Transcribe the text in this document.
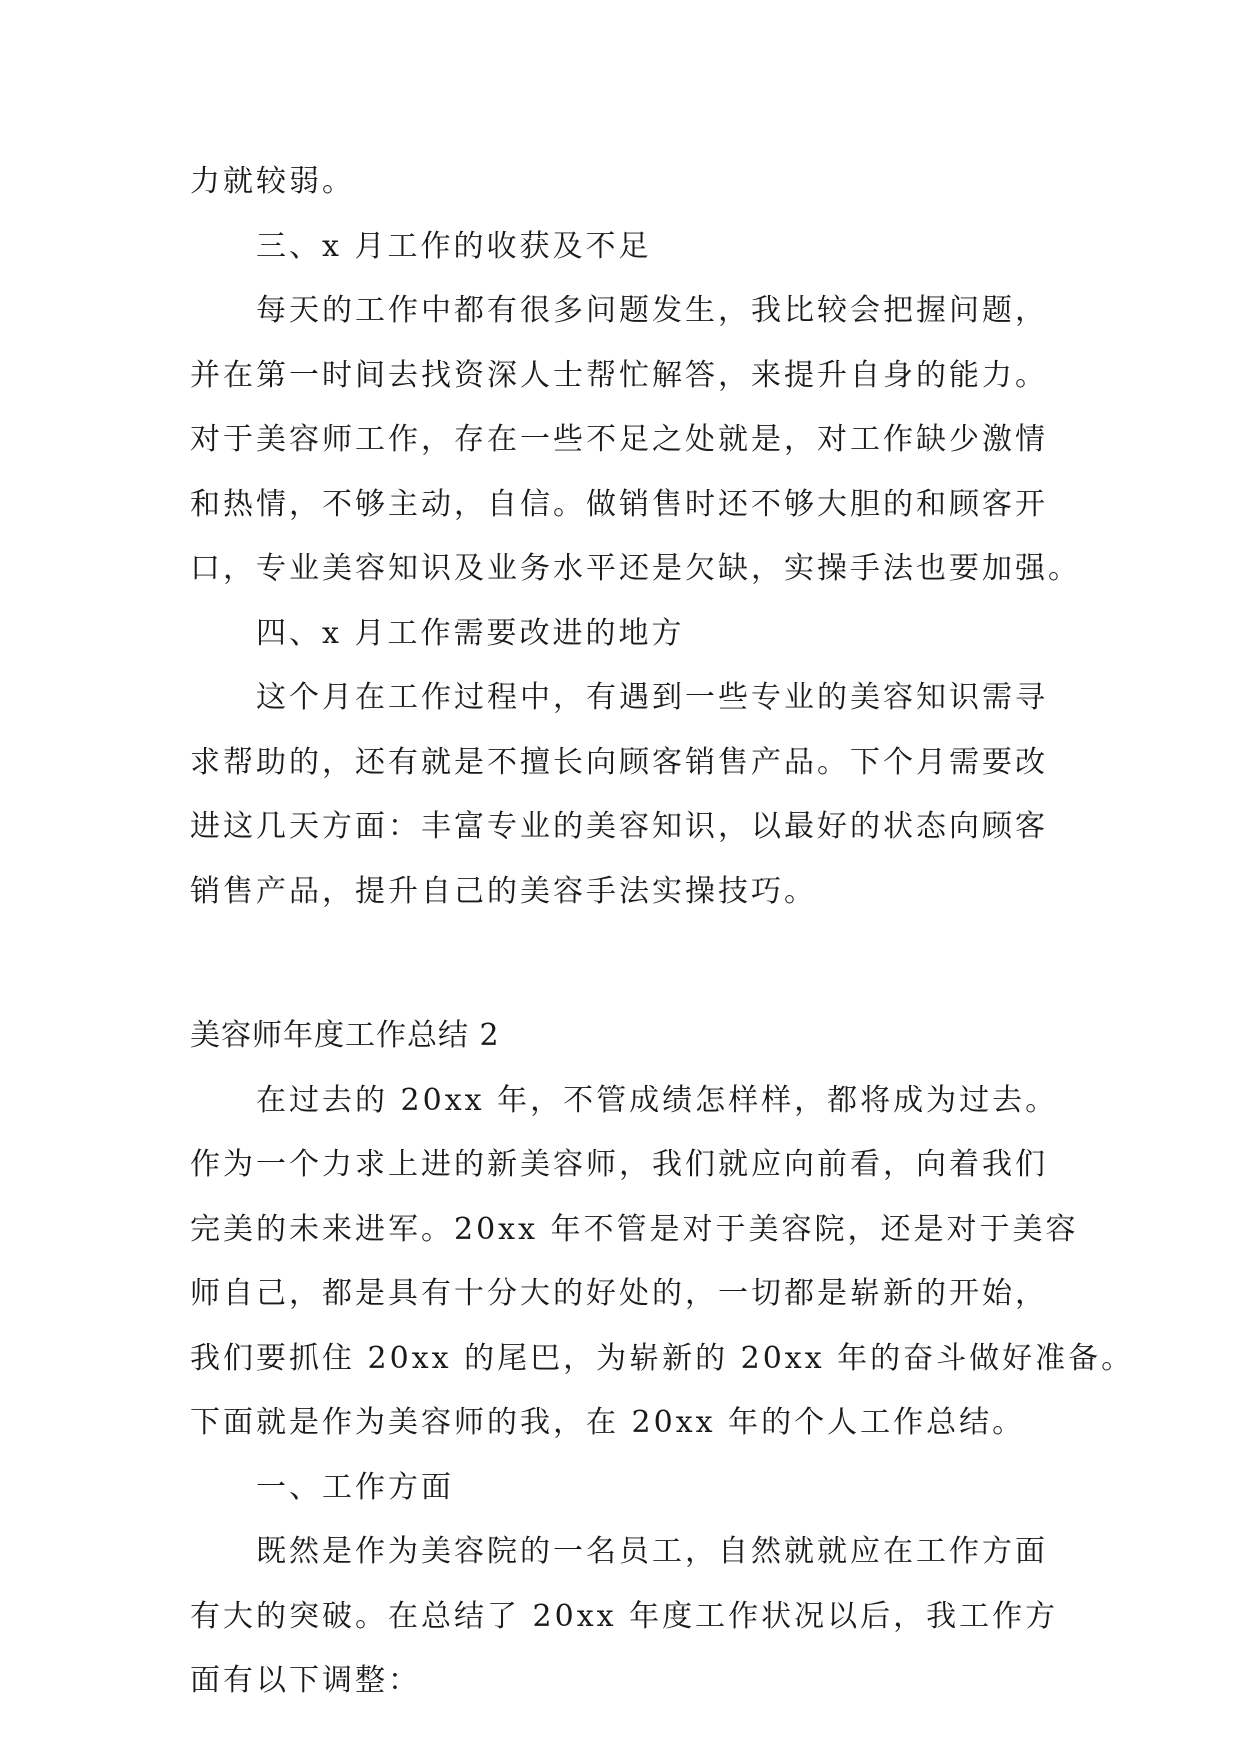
力就较弱。
三、x 月工作的收获及不足
每天的工作中都有很多问题发生，我比较会把握问题，
并在第一时间去找资深人士帮忙解答，来提升自身的能力。
对于美容师工作，存在一些不足之处就是，对工作缺少激情
和热情，不够主动，自信。做销售时还不够大胆的和顾客开
口，专业美容知识及业务水平还是欠缺，实操手法也要加强。
四、x 月工作需要改进的地方
这个月在工作过程中，有遇到一些专业的美容知识需寻
求帮助的，还有就是不擅长向顾客销售产品。下个月需要改
进这几天方面：丰富专业的美容知识，以最好的状态向顾客
销售产品，提升自己的美容手法实操技巧。
美容师年度工作总结 2
在过去的 20xx 年，不管成绩怎样样，都将成为过去。
作为一个力求上进的新美容师，我们就应向前看，向着我们
完美的未来进军。20xx 年不管是对于美容院，还是对于美容
师自己，都是具有十分大的好处的，一切都是崭新的开始，
我们要抓住 20xx 的尾巴，为崭新的 20xx 年的奋斗做好准备。
下面就是作为美容师的我，在 20xx 年的个人工作总结。
一、工作方面
既然是作为美容院的一名员工，自然就就应在工作方面
有大的突破。在总结了 20xx 年度工作状况以后，我工作方
面有以下调整：
